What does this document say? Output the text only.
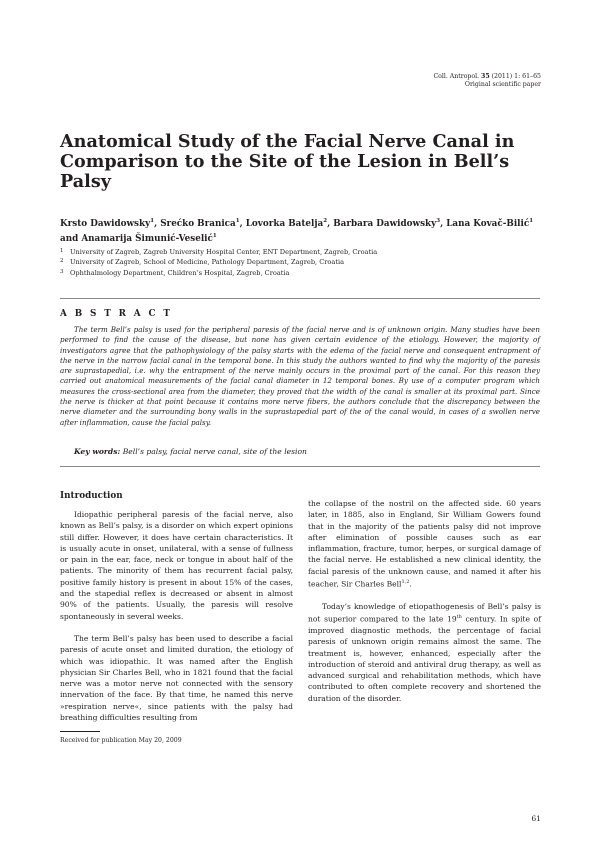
Coll. Antropol. 35 (2011) 1: 61–65
Original scientific paper
Anatomical Study of the Facial Nerve Canal in Comparison to the Site of the Lesion in Bell’s Palsy
Krsto Dawidowsky$^1$, Srećko Branica$^1$, Lovorka Batelja$^2$, Barbara Dawidowsky$^3$, Lana Kovač-Bilić$^1$ and Anamarija Šimunić-Veselić$^1$
1 University of Zagreb, Zagreb University Hospital Center, ENT Department, Zagreb, Croatia
2 University of Zagreb, School of Medicine, Pathology Department, Zagreb, Croatia
3 Ophthalmology Department, Children’s Hospital, Zagreb, Croatia
A B S T R A C T
The term Bell’s palsy is used for the peripheral paresis of the facial nerve and is of unknown origin. Many studies have been performed to find the cause of the disease, but none has given certain evidence of the etiology. However, the majority of investigators agree that the pathophysiology of the palsy starts with the edema of the facial nerve and consequent entrapment of the nerve in the narrow facial canal in the temporal bone. In this study the authors wanted to find why the majority of the paresis are suprastapedial, i.e. why the entrapment of the nerve mainly occurs in the proximal part of the canal. For this reason they carried out anatomical measurements of the facial canal diameter in 12 temporal bones. By use of a computer program which measures the cross-sectional area from the diameter, they proved that the width of the canal is smaller at its proximal part. Since the nerve is thicker at that point because it contains more nerve fibers, the authors conclude that the discrepancy between the nerve diameter and the surrounding bony walls in the suprastapedial part of the of the canal would, in cases of a swollen nerve after inflammation, cause the facial palsy.
Key words: Bell’s palsy, facial nerve canal, site of the lesion
Introduction

Idiopathic peripheral paresis of the facial nerve, also known as Bell’s palsy, is a disorder on which expert opinions still differ. However, it does have certain characteristics. It is usually acute in onset, unilateral, with a sense of fullness or pain in the ear, face, neck or tongue in about half of the patients. The minority of them has recurrent facial palsy, positive family history is present in about 15% of the cases, and the stapedial reflex is decreased or absent in almost 90% of the patients. Usually, the paresis will resolve spontaneously in several weeks.

The term Bell’s palsy has been used to describe a facial paresis of acute onset and limited duration, the etiology of which was idiopathic. It was named after the English physician Sir Charles Bell, who in 1821 found that the facial nerve was a motor nerve not connected with the sensory innervation of the face. By that time, he named this nerve »respiration nerve«, since patients with the palsy had breathing difficulties resulting from

the collapse of the nostril on the affected side. 60 years later, in 1885, also in England, Sir William Gowers found that in the majority of the patients palsy did not improve after elimination of possible causes such as ear inflammation, fracture, tumor, herpes, or surgical damage of the facial nerve. He established a new clinical identity, the facial paresis of the unknown cause, and named it after his teacher, Sir Charles Bell$^{1,2}$.

Today’s knowledge of etiopathogenesis of Bell’s palsy is not superior compared to the late 19th century. In spite of improved diagnostic methods, the percentage of facial paresis of unknown origin remains almost the same. The treatment is, however, enhanced, especially after the introduction of steroid and antiviral drug therapy, as well as advanced surgical and rehabilitation methods, which have contributed to often complete recovery and shortened the duration of the disorder.

Received for publication May 20, 2009
61
